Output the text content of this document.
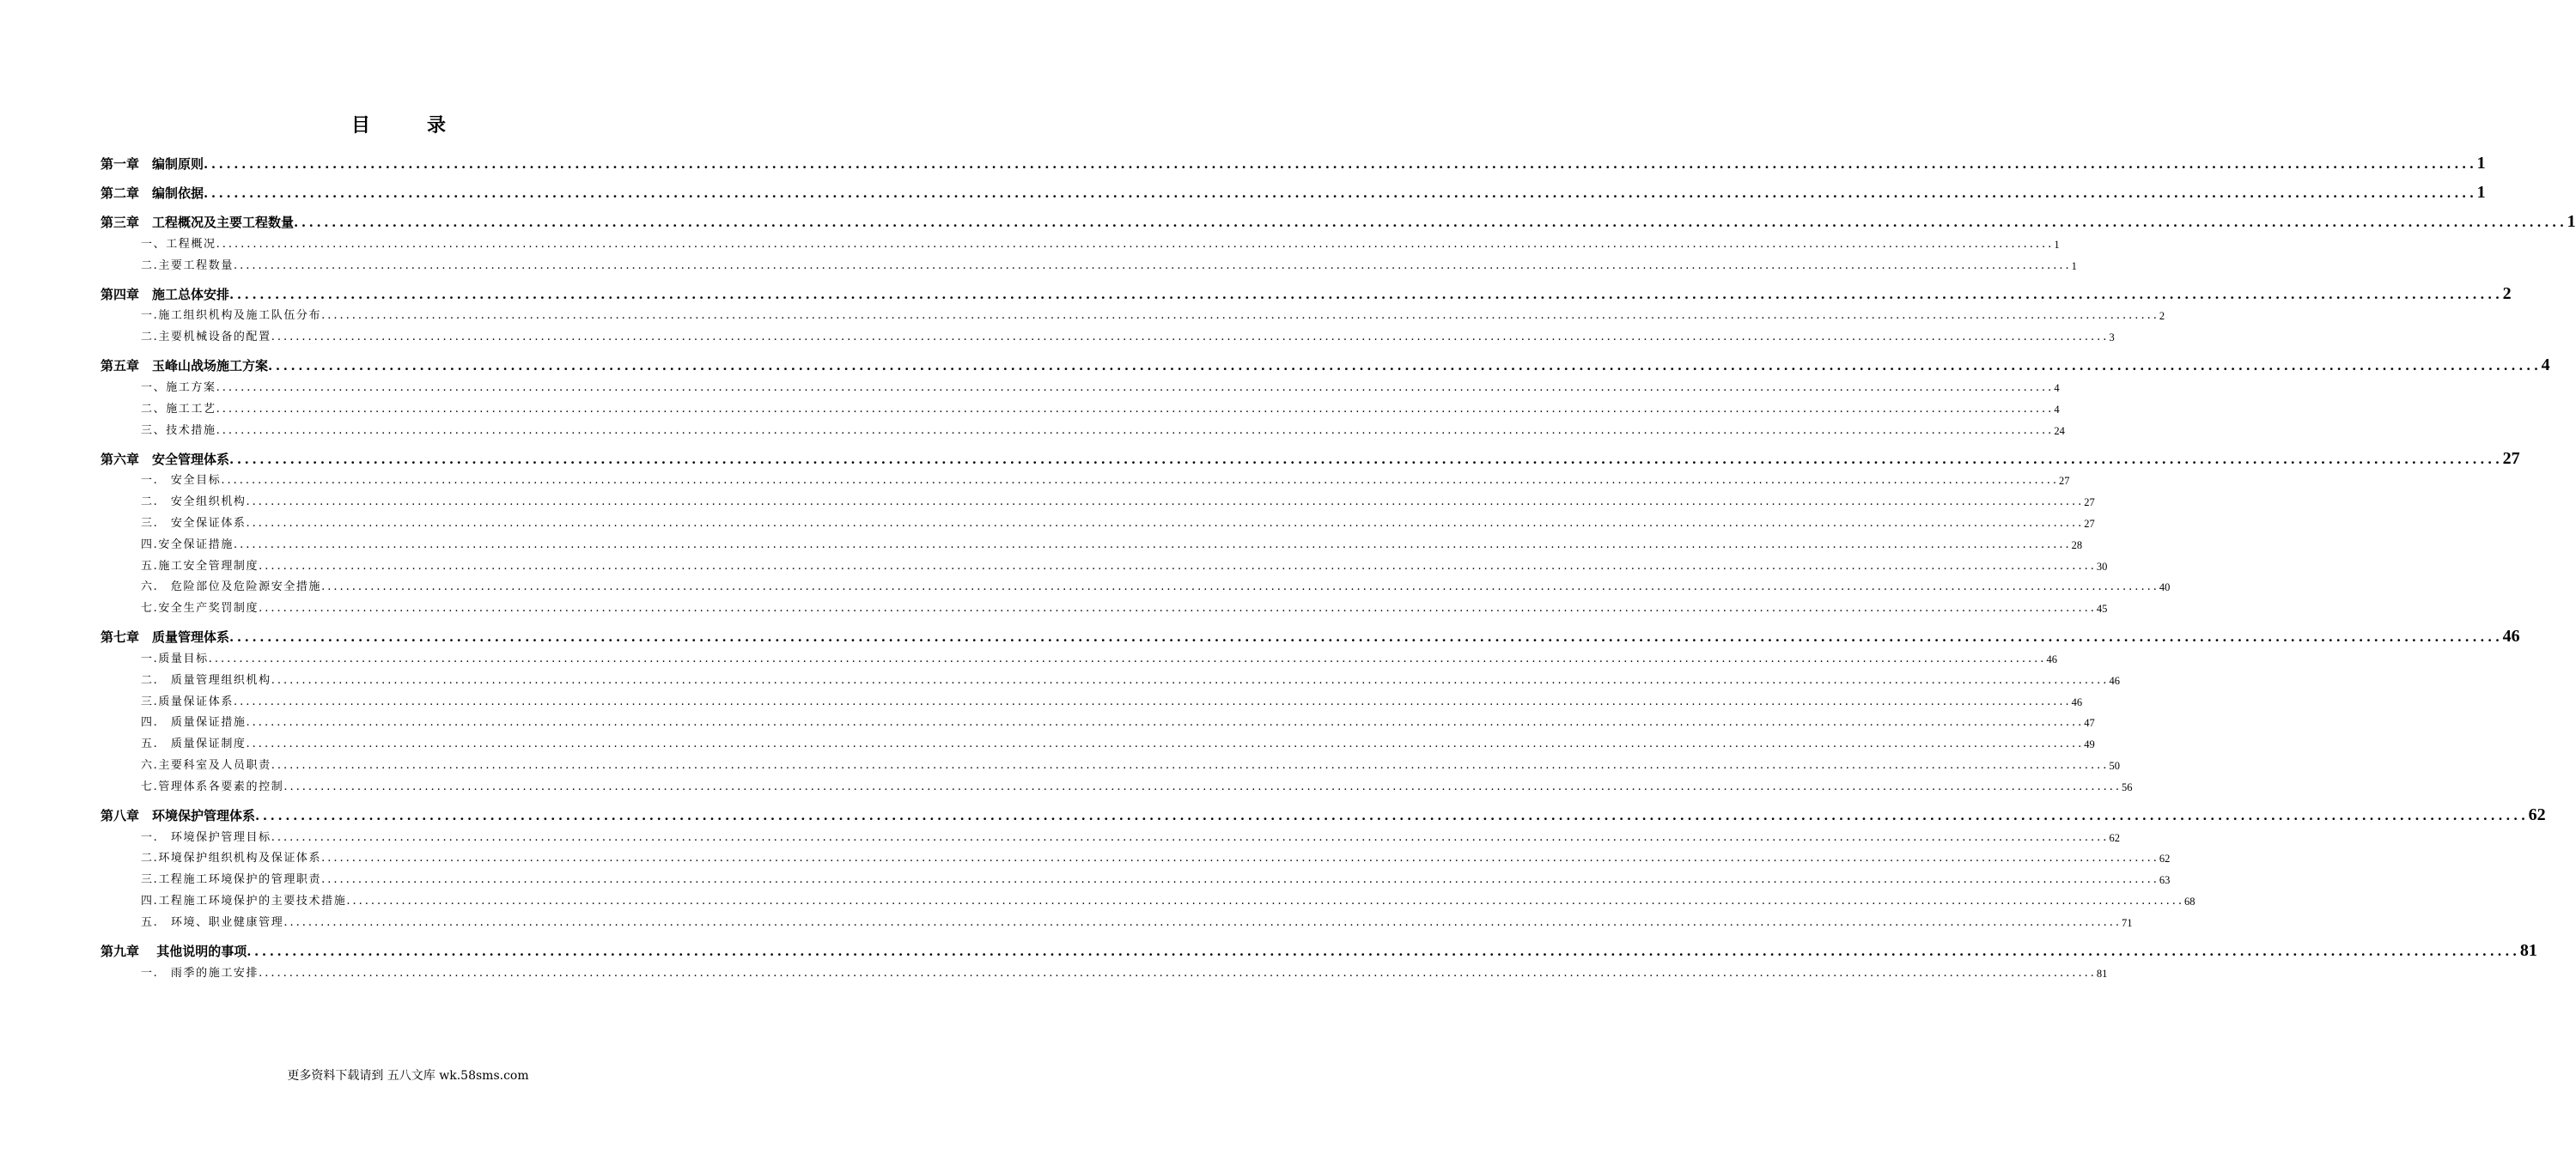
目　录
第一章　编制原则 ............................................................................................................................................................................................................................................................................................................ 1
第二章　编制依据 ............................................................................................................................................................................................................................................................................................................ 1
第三章　工程概况及主要工程数量 ............................................................................................................................................................................................................................................................................................................ 1
一、工程概况 ............................................................................................................................................................................................................................................................................................................ 1
二.主要工程数量 ............................................................................................................................................................................................................................................................................................................ 1
第四章　施工总体安排 ............................................................................................................................................................................................................................................................................................................ 2
一.施工组织机构及施工队伍分布 ............................................................................................................................................................................................................................................................................................................ 2
二.主要机械设备的配置 ............................................................................................................................................................................................................................................................................................................ 3
第五章　玉峰山战场施工方案 ............................................................................................................................................................................................................................................................................................................ 4
一、施工方案 ............................................................................................................................................................................................................................................................................................................ 4
二、施工工艺 ............................................................................................................................................................................................................................................................................................................ 4
三、技术措施 ............................................................................................................................................................................................................................................................................................................ 24
第六章　安全管理体系 ............................................................................................................................................................................................................................................................................................................ 27
一.　安全目标 ............................................................................................................................................................................................................................................................................................................ 27
二.　安全组织机构 ............................................................................................................................................................................................................................................................................................................ 27
三.　安全保证体系 ............................................................................................................................................................................................................................................................................................................ 27
四.安全保证措施 ............................................................................................................................................................................................................................................................................................................ 28
五.施工安全管理制度 ............................................................................................................................................................................................................................................................................................................ 30
六.　危险部位及危险源安全措施 ............................................................................................................................................................................................................................................................................................................ 40
七.安全生产奖罚制度 ............................................................................................................................................................................................................................................................................................................ 45
第七章　质量管理体系 ............................................................................................................................................................................................................................................................................................................ 46
一.质量目标 ............................................................................................................................................................................................................................................................................................................ 46
二.　质量管理组织机构 ............................................................................................................................................................................................................................................................................................................ 46
三.质量保证体系 ............................................................................................................................................................................................................................................................................................................ 46
四.　质量保证措施 ............................................................................................................................................................................................................................................................................................................ 47
五.　质量保证制度 ............................................................................................................................................................................................................................................................................................................ 49
六.主要科室及人员职责 ............................................................................................................................................................................................................................................................................................................ 50
七.管理体系各要素的控制 ............................................................................................................................................................................................................................................................................................................ 56
第八章　环境保护管理体系 ............................................................................................................................................................................................................................................................................................................ 62
一.　环境保护管理目标 ............................................................................................................................................................................................................................................................................................................ 62
二.环境保护组织机构及保证体系 ............................................................................................................................................................................................................................................................................................................ 62
三.工程施工环境保护的管理职责 ............................................................................................................................................................................................................................................................................................................ 63
四.工程施工环境保护的主要技术措施 ............................................................................................................................................................................................................................................................................................................ 68
五.　环境、职业健康管理 ............................................................................................................................................................................................................................................................................................................ 71
第九章　 其他说明的事项 ............................................................................................................................................................................................................................................................................................................ 81
一.　雨季的施工安排 ............................................................................................................................................................................................................................................................................................................ 81
更多资料下载请到 五八文库 wk.58sms.com
